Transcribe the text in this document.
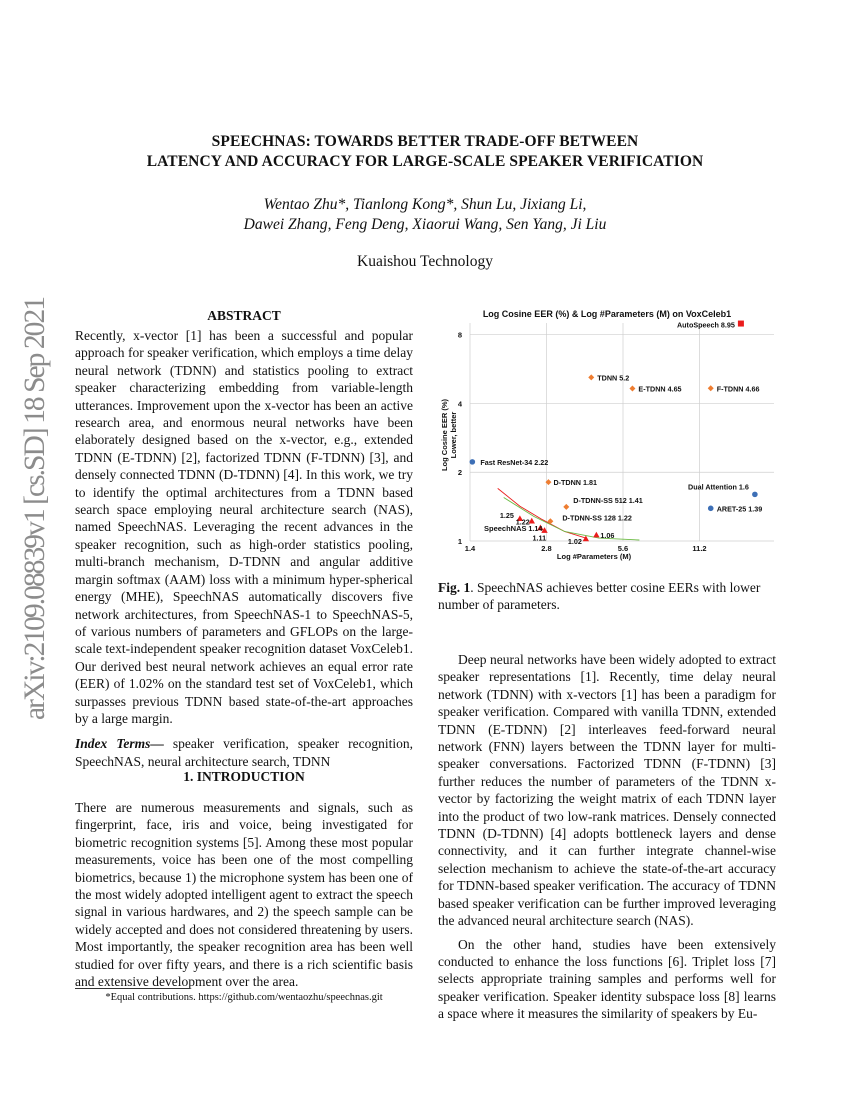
arXiv:2109.08839v1 [cs.SD] 18 Sep 2021
SPEECHNAS: TOWARDS BETTER TRADE-OFF BETWEEN
LATENCY AND ACCURACY FOR LARGE-SCALE SPEAKER VERIFICATION
Wentao Zhu*, Tianlong Kong*, Shun Lu, Jixiang Li,
Dawei Zhang, Feng Deng, Xiaorui Wang, Sen Yang, Ji Liu
Kuaishou Technology
ABSTRACT
Recently, x-vector [1] has been a successful and popular approach for speaker verification, which employs a time delay neural network (TDNN) and statistics pooling to extract speaker characterizing embedding from variable-length utterances. Improvement upon the x-vector has been an active research area, and enormous neural networks have been elaborately designed based on the x-vector, e.g., extended TDNN (E-TDNN) [2], factorized TDNN (F-TDNN) [3], and densely connected TDNN (D-TDNN) [4]. In this work, we try to identify the optimal architectures from a TDNN based search space employing neural architecture search (NAS), named SpeechNAS. Leveraging the recent advances in the speaker recognition, such as high-order statistics pooling, multi-branch mechanism, D-TDNN and angular additive margin softmax (AAM) loss with a minimum hyper-spherical energy (MHE), SpeechNAS automatically discovers five network architectures, from SpeechNAS-1 to SpeechNAS-5, of various numbers of parameters and GFLOPs on the large-scale text-independent speaker recognition dataset VoxCeleb1. Our derived best neural network achieves an equal error rate (EER) of 1.02% on the standard test set of VoxCeleb1, which surpasses previous TDNN based state-of-the-art approaches by a large margin.
Index Terms— speaker verification, speaker recognition, SpeechNAS, neural architecture search, TDNN
1. INTRODUCTION
There are numerous measurements and signals, such as fingerprint, face, iris and voice, being investigated for biometric recognition systems [5]. Among these most popular measurements, voice has been one of the most compelling biometrics, because 1) the microphone system has been one of the most widely adopted intelligent agent to extract the speech signal in various hardwares, and 2) the speech sample can be widely accepted and does not considered threatening by users. Most importantly, the speaker recognition area has been well studied for over fifty years, and there is a rich scientific basis and extensive development over the area.
*Equal contributions. https://github.com/wentaozhu/speechnas.git
Log Cosine EER (%) & Log #Parameters (M) on VoxCeleb1
TDNN 5.2
E-TDNN 4.65	F-TDNN 4.66
D-TDNN 1.81
D-TDNN-SS 512 1.41
D-TDNN-SS 128 1.22
Fast ResNet-34 2.22
ARET-25 1.39
Dual Attention 1.6
AutoSpeech 8.95
1.25
1.22
1.14
1.11	1.02
1.06
1.4	2.8	5.6	11.2
1
2
4
8
Log #Parameters (M)
Log Cosine EER (%) Lower, better
SpeechNAS
Fig. 1. SpeechNAS achieves better cosine EERs with lower number of parameters.
Deep neural networks have been widely adopted to extract speaker representations [1]. Recently, time delay neural network (TDNN) with x-vectors [1] has been a paradigm for speaker verification. Compared with vanilla TDNN, extended TDNN (E-TDNN) [2] interleaves feed-forward neural network (FNN) layers between the TDNN layer for multi-speaker conversations. Factorized TDNN (F-TDNN) [3] further reduces the number of parameters of the TDNN x-vector by factorizing the weight matrix of each TDNN layer into the product of two low-rank matrices. Densely connected TDNN (D-TDNN) [4] adopts bottleneck layers and dense connectivity, and it can further integrate channel-wise selection mechanism to achieve the state-of-the-art accuracy for TDNN-based speaker verification. The accuracy of TDNN based speaker verification can be further improved leveraging the advanced neural architecture search (NAS).
On the other hand, studies have been extensively conducted to enhance the loss functions [6]. Triplet loss [7] selects appropriate training samples and performs well for speaker verification. Speaker identity subspace loss [8] learns a space where it measures the similarity of speakers by Eu-
